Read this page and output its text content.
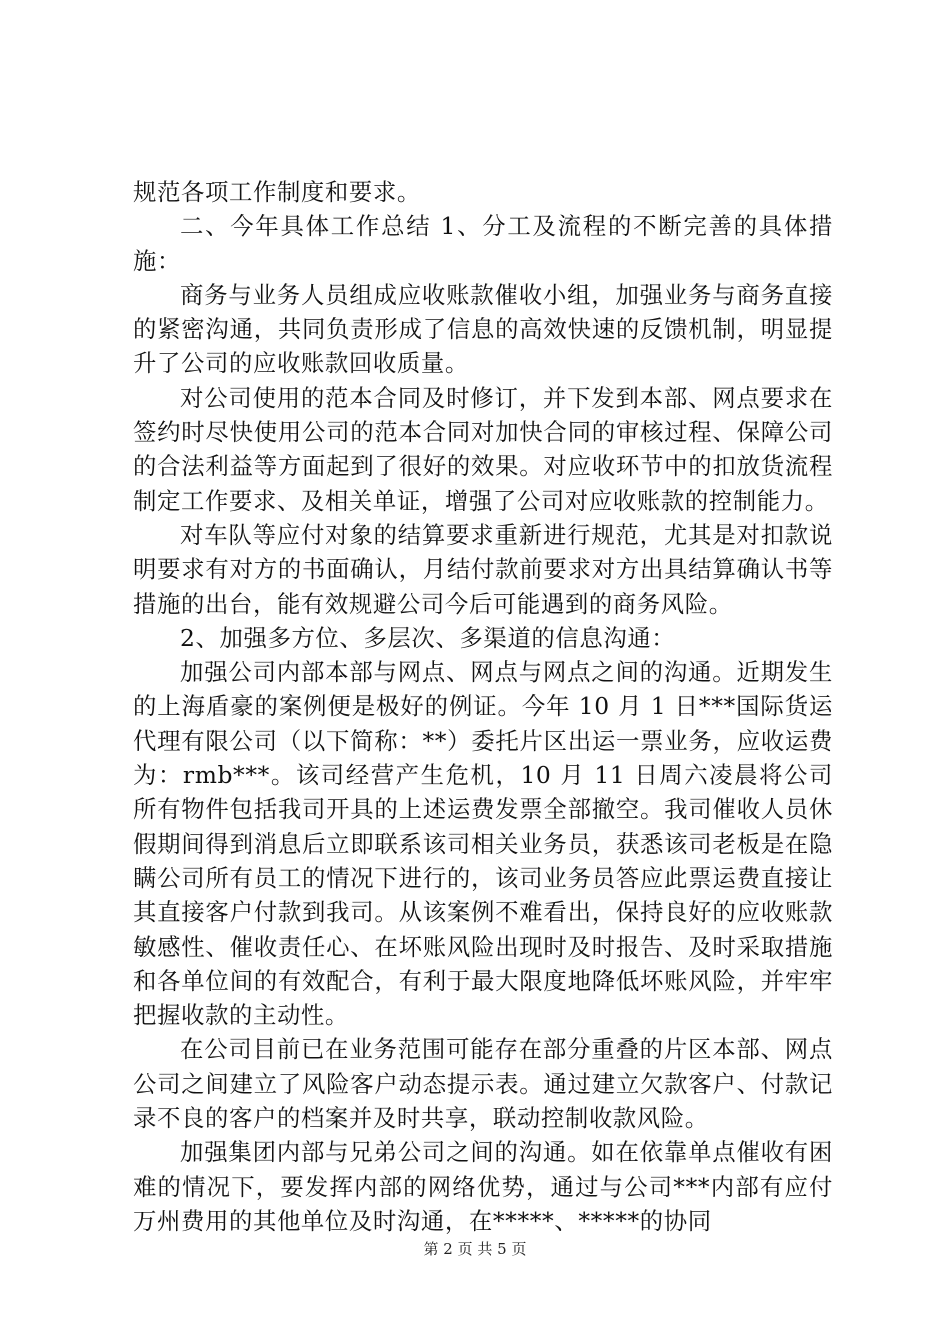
规范各项工作制度和要求。

二、今年具体工作总结 1、分工及流程的不断完善的具体措施：

商务与业务人员组成应收账款催收小组，加强业务与商务直接的紧密沟通，共同负责形成了信息的高效快速的反馈机制，明显提升了公司的应收账款回收质量。

对公司使用的范本合同及时修订，并下发到本部、网点要求在签约时尽快使用公司的范本合同对加快合同的审核过程、保障公司的合法利益等方面起到了很好的效果。对应收环节中的扣放货流程制定工作要求、及相关单证，增强了公司对应收账款的控制能力。

对车队等应付对象的结算要求重新进行规范，尤其是对扣款说明要求有对方的书面确认，月结付款前要求对方出具结算确认书等措施的出台，能有效规避公司今后可能遇到的商务风险。

2、加强多方位、多层次、多渠道的信息沟通：

加强公司内部本部与网点、网点与网点之间的沟通。近期发生的上海盾豪的案例便是极好的例证。今年 10 月 1 日***国际货运代理有限公司（以下简称：**）委托片区出运一票业务，应收运费为：rmb***。该司经营产生危机，10 月 11 日周六凌晨将公司所有物件包括我司开具的上述运费发票全部撤空。我司催收人员休假期间得到消息后立即联系该司相关业务员，获悉该司老板是在隐瞒公司所有员工的情况下进行的，该司业务员答应此票运费直接让其直接客户付款到我司。从该案例不难看出，保持良好的应收账款敏感性、催收责任心、在坏账风险出现时及时报告、及时采取措施和各单位间的有效配合，有利于最大限度地降低坏账风险，并牢牢把握收款的主动性。

在公司目前已在业务范围可能存在部分重叠的片区本部、网点公司之间建立了风险客户动态提示表。通过建立欠款客户、付款记录不良的客户的档案并及时共享，联动控制收款风险。

加强集团内部与兄弟公司之间的沟通。如在依靠单点催收有困难的情况下，要发挥内部的网络优势，通过与公司***内部有应付万州费用的其他单位及时沟通，在*****、*****的协同

第 2 页 共 5 页
